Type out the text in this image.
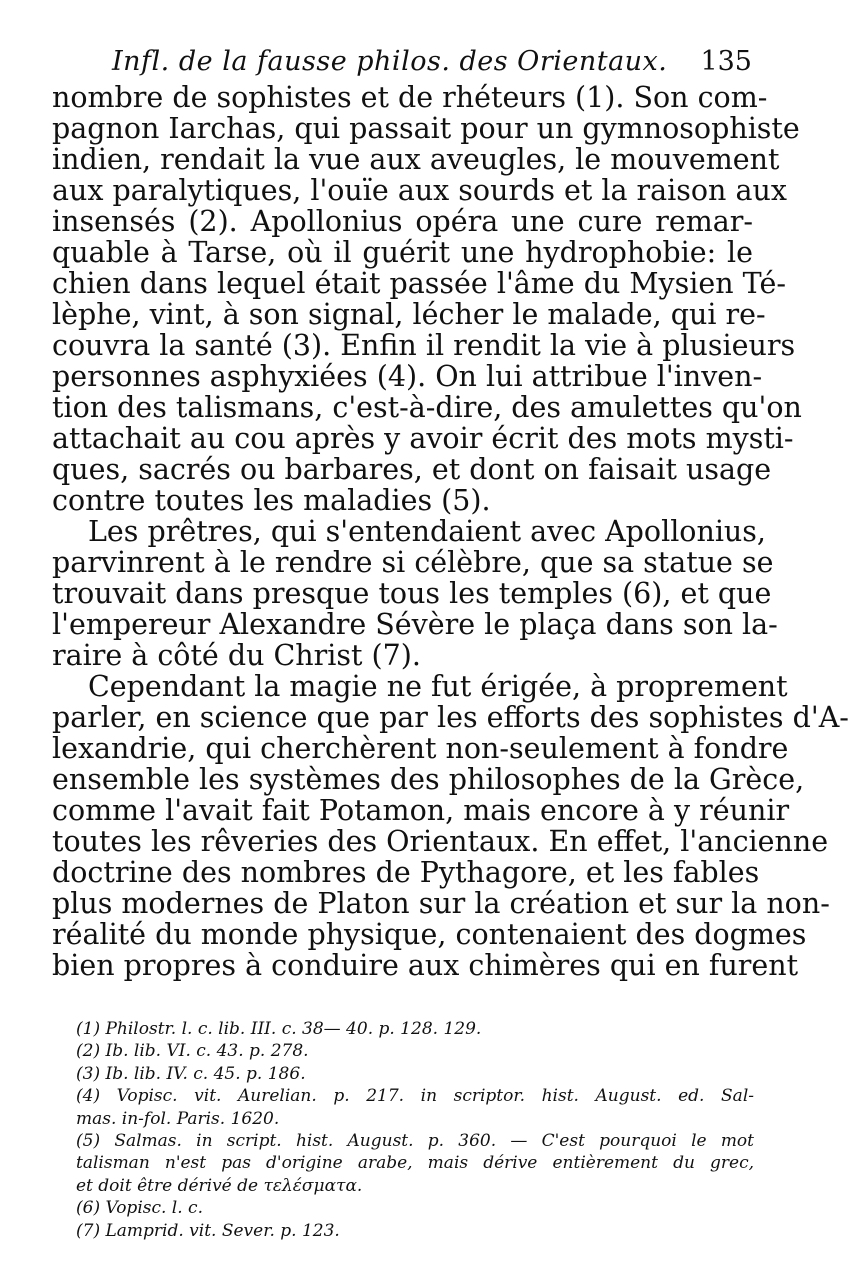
Infl. de la fausse philos. des Orientaux. 135
nombre de sophistes et de rhéteurs (1). Son com-
pagnon Iarchas, qui passait pour un gymnosophiste
indien, rendait la vue aux aveugles, le mouvement
aux paralytiques, l'ouïe aux sourds et la raison aux
insensés (2). Apollonius opéra une cure remar-
quable à Tarse, où il guérit une hydrophobie: le
chien dans lequel était passée l'âme du Mysien Té-
lèphe, vint, à son signal, lécher le malade, qui re-
couvra la santé (3). Enfin il rendit la vie à plusieurs
personnes asphyxiées (4). On lui attribue l'inven-
tion des talismans, c'est-à-dire, des amulettes qu'on
attachait au cou après y avoir écrit des mots mysti-
ques, sacrés ou barbares, et dont on faisait usage
contre toutes les maladies (5).
Les prêtres, qui s'entendaient avec Apollonius,
parvinrent à le rendre si célèbre, que sa statue se
trouvait dans presque tous les temples (6), et que
l'empereur Alexandre Sévère le plaça dans son la-
raire à côté du Christ (7).
Cependant la magie ne fut érigée, à proprement
parler, en science que par les efforts des sophistes d'A-
lexandrie, qui cherchèrent non-seulement à fondre
ensemble les systèmes des philosophes de la Grèce,
comme l'avait fait Potamon, mais encore à y réunir
toutes les rêveries des Orientaux. En effet, l'ancienne
doctrine des nombres de Pythagore, et les fables
plus modernes de Platon sur la création et sur la non-
réalité du monde physique, contenaient des dogmes
bien propres à conduire aux chimères qui en furent
(1) Philostr. l. c. lib. III. c. 38— 40. p. 128. 129.
(2) Ib. lib. VI. c. 43. p. 278.
(3) Ib. lib. IV. c. 45. p. 186.
(4) Vopisc. vit. Aurelian. p. 217. in scriptor. hist. August. ed. Sal-
mas. in-fol. Paris. 1620.
(5) Salmas. in script. hist. August. p. 360. — C'est pourquoi le mot
talisman n'est pas d'origine arabe, mais dérive entièrement du grec,
et doit être dérivé de τελέσματα.
(6) Vopisc. l. c.
(7) Lamprid. vit. Sever. p. 123.
